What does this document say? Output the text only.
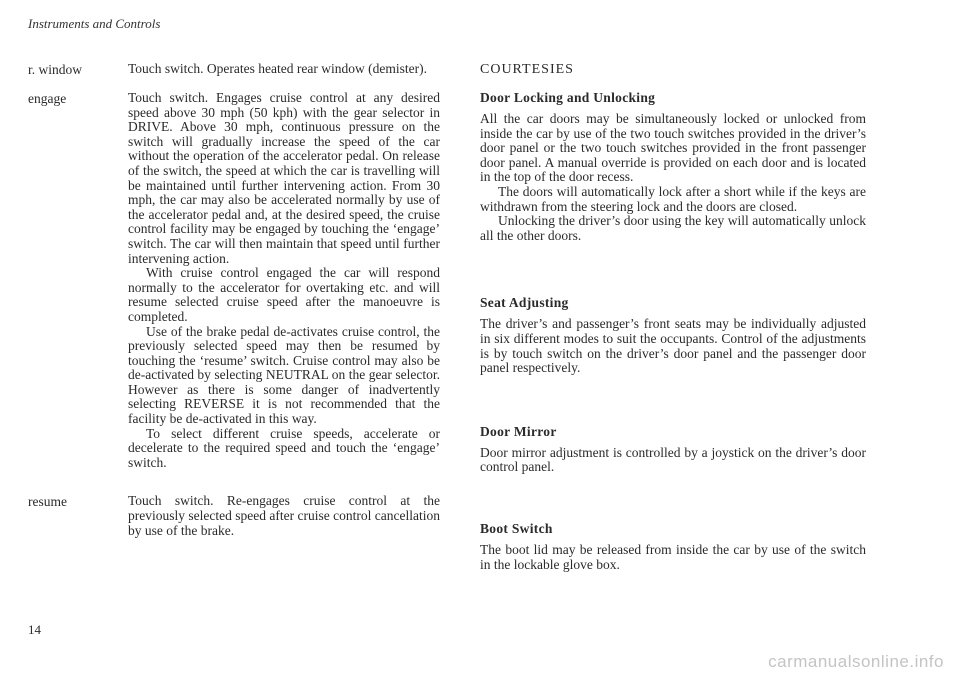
Instruments and Controls
r. window	Touch switch. Operates heated rear window (demister).

engage	Touch switch. Engages cruise control at any desired speed above 30 mph (50 kph) with the gear selector in DRIVE. Above 30 mph, continuous pressure on the switch will gradually increase the speed of the car without the operation of the accelerator pedal. On release of the switch, the speed at which the car is travelling will be maintained until further intervening action. From 30 mph, the car may also be accelerated normally by use of the accelerator pedal and, at the desired speed, the cruise control facility may be engaged by touching the ‘engage’ switch. The car will then maintain that speed until further intervening action.

With cruise control engaged the car will respond normally to the accelerator for overtaking etc. and will resume selected cruise speed after the manoeuvre is completed.

Use of the brake pedal de-activates cruise control, the previously selected speed may then be resumed by touching the ‘resume’ switch. Cruise control may also be de-activated by selecting NEUTRAL on the gear selector. However as there is some danger of inadvertently selecting REVERSE it is not recommended that the facility be de-activated in this way.

To select different cruise speeds, accelerate or decelerate to the required speed and touch the ‘engage’ switch.

resume	Touch switch. Re-engages cruise control at the previously selected speed after cruise control cancellation by use of the brake.

COURTESIES
Door Locking and Unlocking

All the car doors may be simultaneously locked or unlocked from inside the car by use of the two touch switches provided in the driver’s door panel or the two touch switches provided in the front passenger door panel. A manual override is provided on each door and is located in the top of the door recess.

The doors will automatically lock after a short while if the keys are withdrawn from the steering lock and the doors are closed.

Unlocking the driver’s door using the key will automatically unlock all the other doors.

Seat Adjusting

The driver’s and passenger’s front seats may be individually adjusted in six different modes to suit the occupants. Control of the adjustments is by touch switch on the driver’s door panel and the passenger door panel respectively.

Door Mirror

Door mirror adjustment is controlled by a joystick on the driver’s door control panel.

Boot Switch

The boot lid may be released from inside the car by use of the switch in the lockable glove box.

14
carmanualsonline.info
